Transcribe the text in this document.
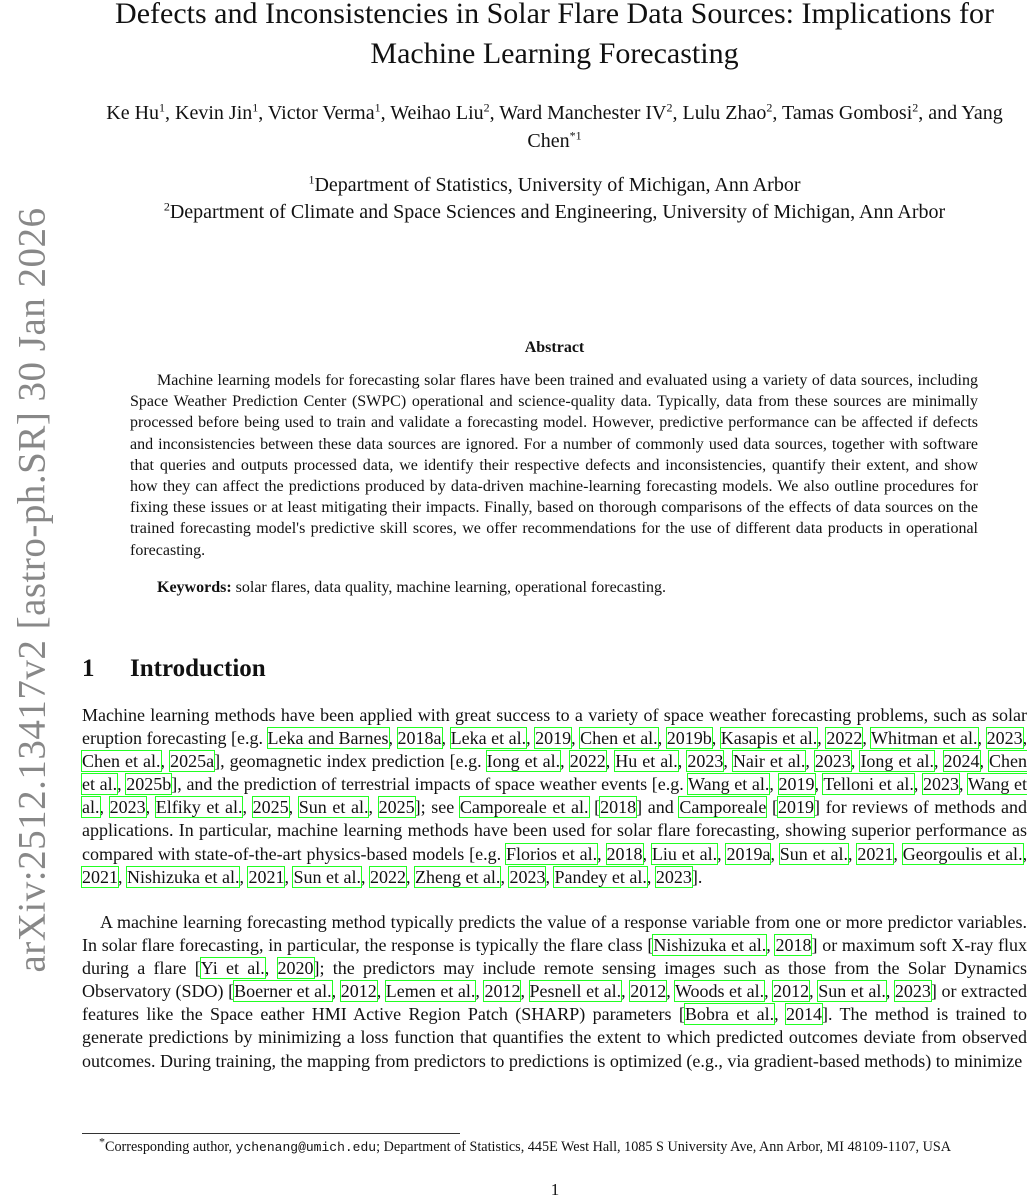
arXiv:2512.13417v2 [astro-ph.SR] 30 Jan 2026
Defects and Inconsistencies in Solar Flare Data Sources: Implications for Machine Learning Forecasting
Ke Hu$^1$, Kevin Jin$^1$, Victor Verma$^1$, Weihao Liu$^2$, Ward Manchester $IV^2$, Lulu Zhao$^2$, Tamas Gombosi$^2$, and Yang Chen$^{*1}$
$^1$Department of Statistics, University of Michigan, Ann Arbor
$^2$Department of Climate and Space Sciences and Engineering, University of Michigan, Ann Arbor
Abstract

Machine learning models for forecasting solar flares have been trained and evaluated using a variety of data sources, including Space Weather Prediction Center (SWPC) operational and science-quality data. Typically, data from these sources are minimally processed before being used to train and validate a forecasting model. However, predictive performance can be affected if defects and inconsistencies between these data sources are ignored. For a number of commonly used data sources, together with software that queries and outputs processed data, we identify their respective defects and inconsistencies, quantify their extent, and show how they can affect the predictions produced by data-driven machine-learning forecasting models. We also outline procedures for fixing these issues or at least mitigating their impacts. Finally, based on thorough comparisons of the effects of data sources on the trained forecasting model's predictive skill scores, we offer recommendations for the use of different data products in operational forecasting.

Keywords: solar flares, data quality, machine learning, operational forecasting.
1 Introduction

Machine learning methods have been applied with great success to a variety of space weather forecasting problems, such as solar eruption forecasting [e.g. Leka and Barnes, 2018a, Leka et al., 2019, Chen et al., 2019b, Kasapis et al., 2022, Whitman et al., 2023, Chen et al., 2025a], geomagnetic index prediction [e.g. Iong et al., 2022, Hu et al., 2023, Nair et al., 2023, Iong et al., 2024, Chen et al., 2025b], and the prediction of terrestrial impacts of space weather events [e.g. Wang et al., 2019, Telloni et al., 2023, Wang et al., 2023, Elfiky et al., 2025, Sun et al., 2025]; see Camporeale et al. [2018] and Camporeale [2019] for reviews of methods and applications. In particular, machine learning methods have been used for solar flare forecasting, showing superior performance as compared with state-of-the-art physics-based models [e.g. Florios et al., 2018, Liu et al., 2019a, Sun et al., 2021, Georgoulis et al., 2021, Nishizuka et al., 2021, Sun et al., 2022, Zheng et al., 2023, Pandey et al., 2023].

A machine learning forecasting method typically predicts the value of a response variable from one or more predictor variables. In solar flare forecasting, in particular, the response is typically the flare class [Nishizuka et al., 2018] or maximum soft X-ray flux during a flare [Yi et al., 2020]; the predictors may include remote sensing images such as those from the Solar Dynamics Observatory (SDO) [Boerner et al., 2012, Lemen et al., 2012, Pesnell et al., 2012, Woods et al., 2012, Sun et al., 2023] or extracted features like the Space eather HMI Active Region Patch (SHARP) parameters [Bobra et al., 2014]. The method is trained to generate predictions by minimizing a loss function that quantifies the extent to which predicted outcomes deviate from observed outcomes. During training, the mapping from predictors to predictions is optimized (e.g., via gradient-based methods) to minimize

*Corresponding author, ychenang@umich.edu; Department of Statistics, 445E West Hall, 1085 S University Ave, Ann Arbor, MI 48109-1107, USA
1
